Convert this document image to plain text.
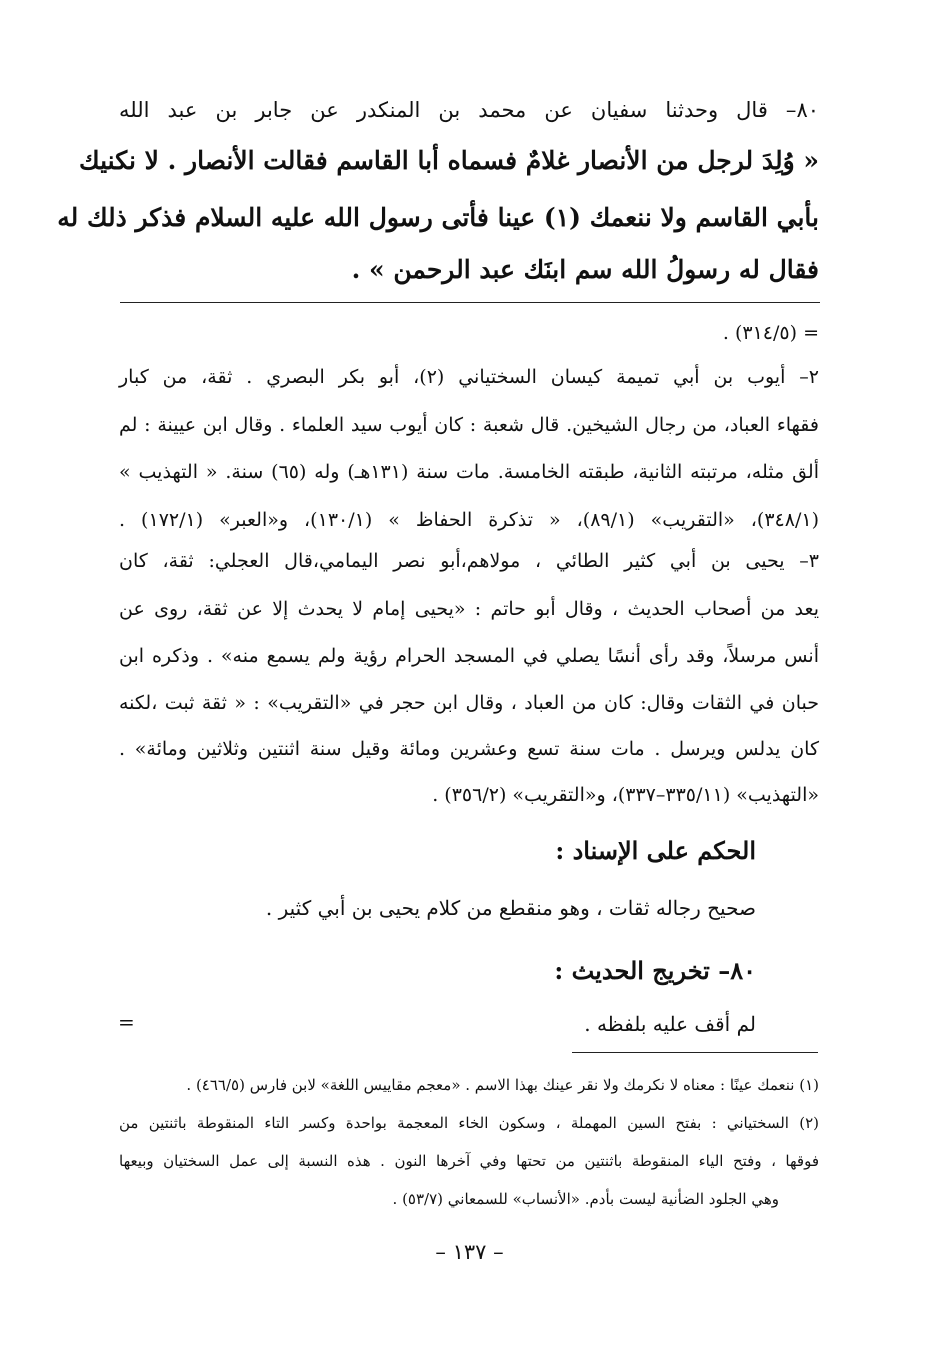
٨٠– قال وحدثنا سفيان عن محمد بن المنكدر عن جابر بن عبد الله
« وُلِدَ لرجل من الأنصار غلامٌ فسماه أبا القاسم فقالت الأنصار . لا نكنيك
بأبي القاسم ولا ننعمك (١) عينا فأتى رسول الله عليه السلام فذكر ذلك له
فقال له رسولُ الله سم ابنَك عبد الرحمن » .
= (٣١٤/٥) .
٢– أيوب بن أبي تميمة كيسان السختياني (٢)، أبو بكر البصري . ثقة، من كبار
فقهاء العباد، من رجال الشيخين. قال شعبة : كان أيوب سيد العلماء . وقال ابن عيينة : لم
ألق مثله، مرتبته الثانية، طبقته الخامسة. مات سنة (١٣١هـ) وله (٦٥) سنة. « التهذيب »
(٣٤٨/١)، «التقريب» (٨٩/١)، « تذكرة الحفاظ » (١٣٠/١)، و«العبر» (١٧٢/١) .
٣– يحيى بن أبي كثير الطائي ، مولاهم،أبو نصر اليمامي،قال العجلي: ثقة، كان
يعد من أصحاب الحديث ، وقال أبو حاتم : «يحيى إمام لا يحدث إلا عن ثقة، روى عن
أنس مرسلاً، وقد رأى أنسًا يصلي في المسجد الحرام رؤية ولم يسمع منه» . وذكره ابن
حبان في الثقات وقال: كان من العباد ، وقال ابن حجر في «التقريب» : « ثقة ثبت ،لكنه
كان يدلس ويرسل . مات سنة تسع وعشرين ومائة وقيل سنة اثنتين وثلاثين ومائة» .
«التهذيب» (٣٣٥/١١–٣٣٧)، و«التقريب» (٣٥٦/٢) .
الحكم على الإسناد :
صحيح رجاله ثقات ، وهو منقطع من كلام يحيى بن أبي كثير .
٨٠– تخريج الحديث :
لم أقف عليه بلفظه .
=
(١) ننعمك عينًا : معناه لا نكرمك ولا نقر عينك بهذا الاسم . «معجم مقاييس اللغة» لابن فارس (٤٦٦/٥) .
(٢) السختياني : بفتح السين المهملة ، وسكون الخاء المعجمة بواحدة وكسر التاء المنقوطة باثنتين من
فوقها ، وفتح الياء المنقوطة باثنتين من تحتها وفي آخرها النون . هذه النسبة إلى عمل السختيان وبيعها
وهي الجلود الضأنية ليست بأدم. «الأنساب» للسمعاني (٥٣/٧) .
– ١٣٧ –
